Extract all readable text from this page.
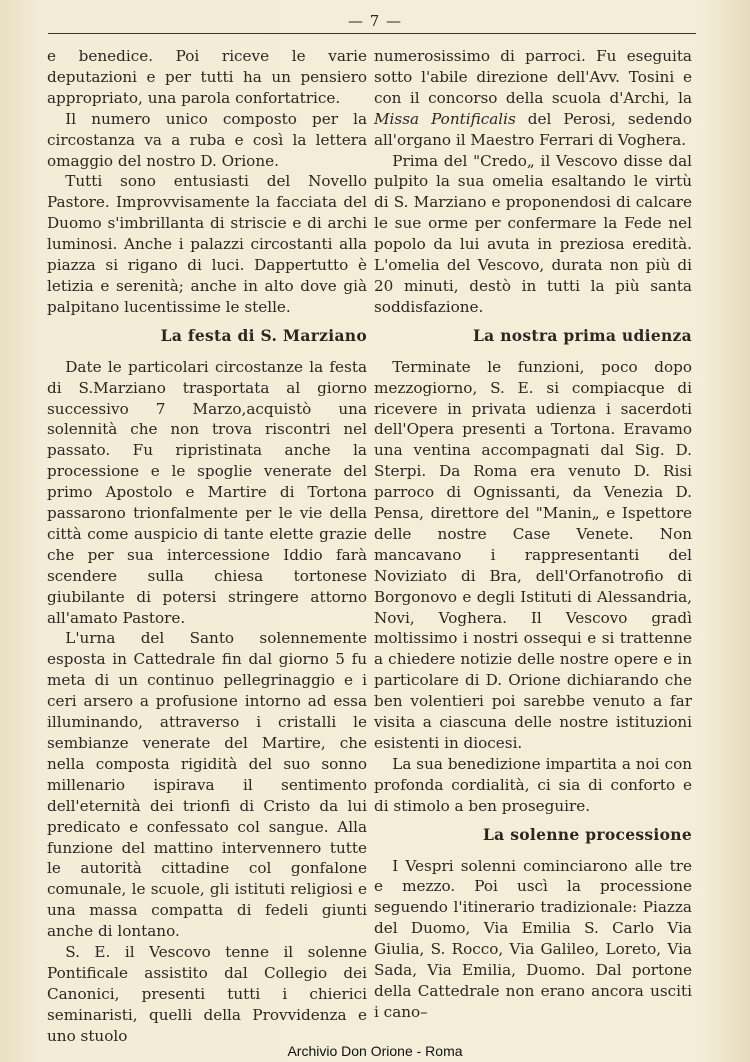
— 7 —

e benedice. Poi riceve le varie deputazioni e per tutti ha un pensiero appropriato, una parola confortatrice.

Il numero unico composto per la circostanza va a ruba e così la lettera omaggio del nostro D. Orione.

Tutti sono entusiasti del Novello Pastore. Improvvisamente la facciata del Duomo s'imbrillanta di striscie e di archi luminosi. Anche i palazzi circostanti alla piazza si rigano di luci. Dappertutto è letizia e serenità; anche in alto dove già palpitano lucentissime le stelle.

La festa di S. Marziano

Date le particolari circostanze la festa di S.Marziano trasportata al giorno successivo 7 Marzo,acquistò una solennità che non trova riscontri nel passato. Fu ripristinata anche la processione e le spoglie venerate del primo Apostolo e Martire di Tortona passarono trionfalmente per le vie della città come auspicio di tante elette grazie che per sua intercessione Iddio farà scendere sulla chiesa tortonese giubilante di potersi stringere attorno all'amato Pastore.

L'urna del Santo solennemente esposta in Cattedrale fin dal giorno 5 fu meta di un continuo pellegrinaggio e i ceri arsero a profusione intorno ad essa illuminando, attraverso i cristalli le sembianze venerate del Martire, che nella composta rigidità del suo sonno millenario ispirava il sentimento dell'eternità dei trionfi di Cristo da lui predicato e confessato col sangue. Alla funzione del mattino intervennero tutte le autorità cittadine col gonfalone comunale, le scuole, gli istituti religiosi e una massa compatta di fedeli giunti anche di lontano.

S. E. il Vescovo tenne il solenne Pontificale assistito dal Collegio dei Canonici, presenti tutti i chierici seminaristi, quelli della Provvidenza e uno stuolo

numerosissimo di parroci. Fu eseguita sotto l'abile direzione dell'Avv. Tosini e con il concorso della scuola d'Archi, la Missa Pontificalis del Perosi, sedendo all'organo il Maestro Ferrari di Voghera.

Prima del "Credo„ il Vescovo disse dal pulpito la sua omelia esaltando le virtù di S. Marziano e proponendosi di calcare le sue orme per confermare la Fede nel popolo da lui avuta in preziosa eredità. L'omelia del Vescovo, durata non più di 20 minuti, destò in tutti la più santa soddisfazione.

La nostra prima udienza

Terminate le funzioni, poco dopo mezzogiorno, S. E. si compiacque di ricevere in privata udienza i sacerdoti dell'Opera presenti a Tortona. Eravamo una ventina accompagnati dal Sig. D. Sterpi. Da Roma era venuto D. Risi parroco di Ognissanti, da Venezia D. Pensa, direttore del "Manin„ e Ispettore delle nostre Case Venete. Non mancavano i rappresentanti del Noviziato di Bra, dell'Orfanotrofio di Borgonovo e degli Istituti di Alessandria, Novi, Voghera. Il Vescovo gradì moltissimo i nostri ossequi e si trattenne a chiedere notizie delle nostre opere e in particolare di D. Orione dichiarando che ben volentieri poi sarebbe venuto a far visita a ciascuna delle nostre istituzioni esistenti in diocesi.

La sua benedizione impartita a noi con profonda cordialità, ci sia di conforto e di stimolo a ben proseguire.

La solenne processione

I Vespri solenni cominciarono alle tre e mezzo. Poi uscì la processione seguendo l'itinerario tradizionale: Piazza del Duomo, Via Emilia S. Carlo Via Giulia, S. Rocco, Via Galileo, Loreto, Via Sada, Via Emilia, Duomo. Dal portone della Cattedrale non erano ancora usciti i cano–

Archivio Don Orione - Roma
